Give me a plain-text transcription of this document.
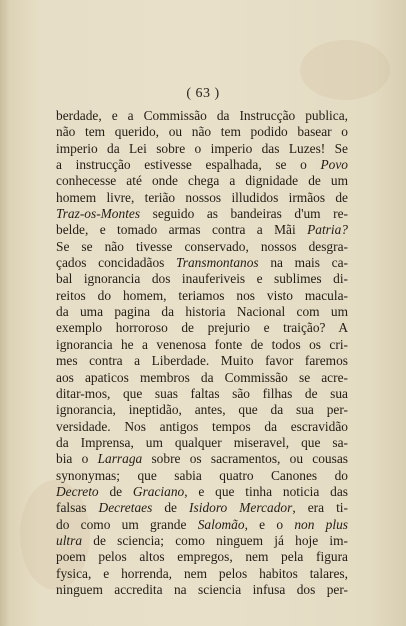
( 63 )
berdade, e a Commissão da Instrucção publica,
não tem querido, ou não tem podido basear o
imperio da Lei sobre o imperio das Luzes! Se
a instrucção estivesse espalhada, se o Povo
conhecesse até onde chega a dignidade de um
homem livre, terião nossos illudidos irmãos de
Traz-os-Montes seguido as bandeiras d'um re-
belde, e tomado armas contra a Mãi Patria?
Se se não tivesse conservado, nossos desgra-
çados concidadãos Transmontanos na mais ca-
bal ignorancia dos inauferiveis e sublimes di-
reitos do homem, teriamos nos visto macula-
da uma pagina da historia Nacional com um
exemplo horroroso de prejurio e traição? A
ignorancia he a venenosa fonte de todos os cri-
mes contra a Liberdade. Muito favor faremos
aos apaticos membros da Commissão se acre-
ditar-mos, que suas faltas são filhas de sua
ignorancia, ineptidão, antes, que da sua per-
versidade. Nos antigos tempos da escravidão
da Imprensa, um qualquer miseravel, que sa-
bia o Larraga sobre os sacramentos, ou cousas
synonymas; que sabia quatro Canones do
Decreto de Graciano, e que tinha noticia das
falsas Decretaes de Isidoro Mercador, era ti-
do como um grande Salomão, e o non plus
ultra de sciencia; como ninguem já hoje im-
poem pelos altos empregos, nem pela figura
fysica, e horrenda, nem pelos habitos talares,
ninguem accredita na sciencia infusa dos per-
